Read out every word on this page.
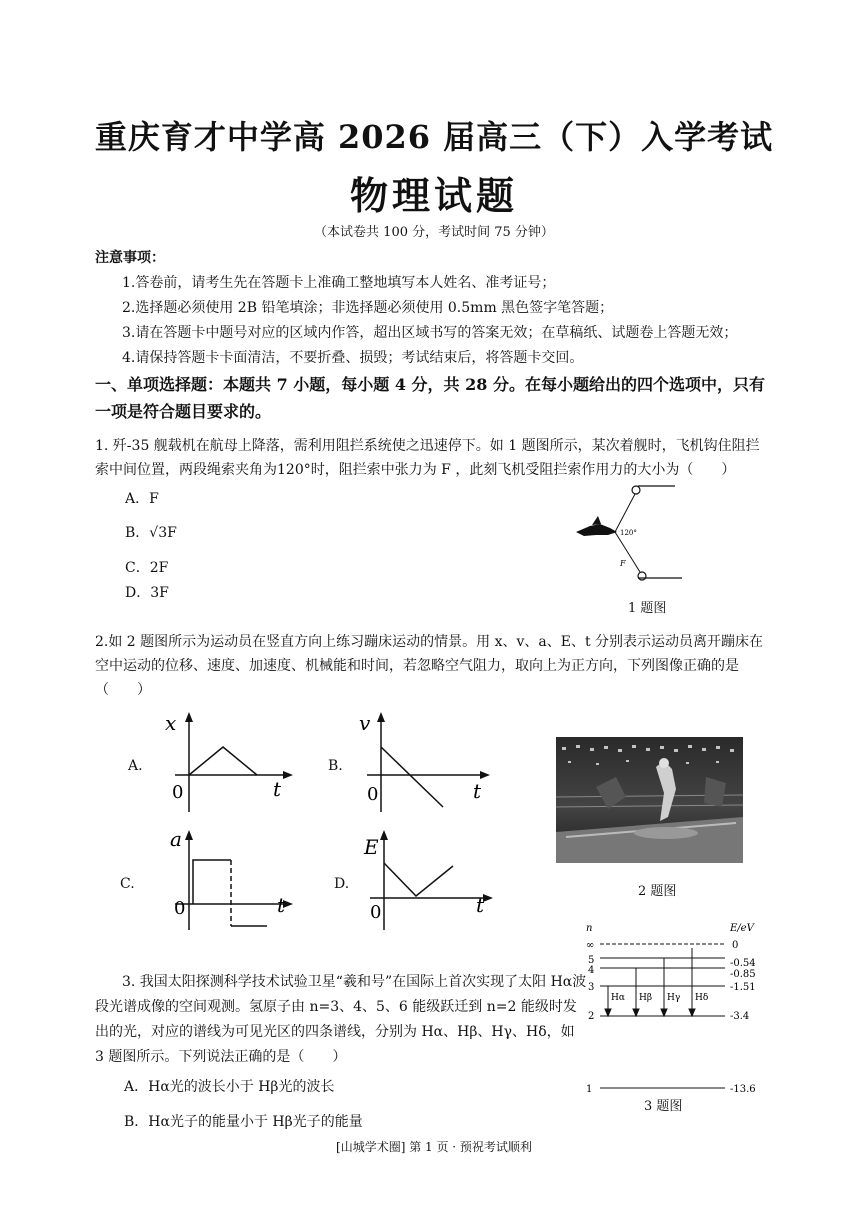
重庆育才中学高 2026 届高三（下）入学考试
物理试题
（本试卷共 100 分，考试时间 75 分钟）
注意事项：
1.答卷前，请考生先在答题卡上准确工整地填写本人姓名、准考证号；
2.选择题必须使用 2B 铅笔填涂；非选择题必须使用 0.5mm 黑色签字笔答题；
3.请在答题卡中题号对应的区域内作答，超出区域书写的答案无效；在草稿纸、试题卷上答题无效；
4.请保持答题卡卡面清洁，不要折叠、损毁；考试结束后，将答题卡交回。
一、单项选择题：本题共 7 小题，每小题 4 分，共 28 分。在每小题给出的四个选项中，只有
一项是符合题目要求的。
1. 歼-35 舰载机在航母上降落，需利用阻拦系统使之迅速停下。如 1 题图所示，某次着舰时，飞机钩住阻拦
索中间位置，两段绳索夹角为120°时，阻拦索中张力为 F ，此刻飞机受阻拦索作用力的大小为（　　）
A．F
B．√3F
C．2F
D．3F
120°
F
1 题图
2.如 2 题图所示为运动员在竖直方向上练习蹦床运动的情景。用 x、v、a、E、t 分别表示运动员离开蹦床在
空中运动的位移、速度、加速度、机械能和时间，若忽略空气阻力，取向上为正方向，下列图像正确的是
（　　）
A.
x
0	t
B.
v
0	t
C.
a
0	t
D.
E
0	t
2 题图
3. 我国太阳探测科学技术试验卫星“羲和号”在国际上首次实现了太阳 Hα波
段光谱成像的空间观测。氢原子由 n=3、4、5、6 能级跃迁到 n=2 能级时发
出的光，对应的谱线为可见光区的四条谱线，分别为 Hα、Hβ、Hγ、Hδ，如
3 题图所示。下列说法正确的是（　　）
A．Hα光的波长小于 Hβ光的波长
B．Hα光子的能量小于 Hβ光子的能量
n	E/eV
∞
5
4
3
2
1
0
-0.54
-0.85
-1.51
-3.4
-13.6
Hα Hβ Hγ Hδ
3 题图
[山城学术圈] 第 1 页 · 预祝考试顺利
